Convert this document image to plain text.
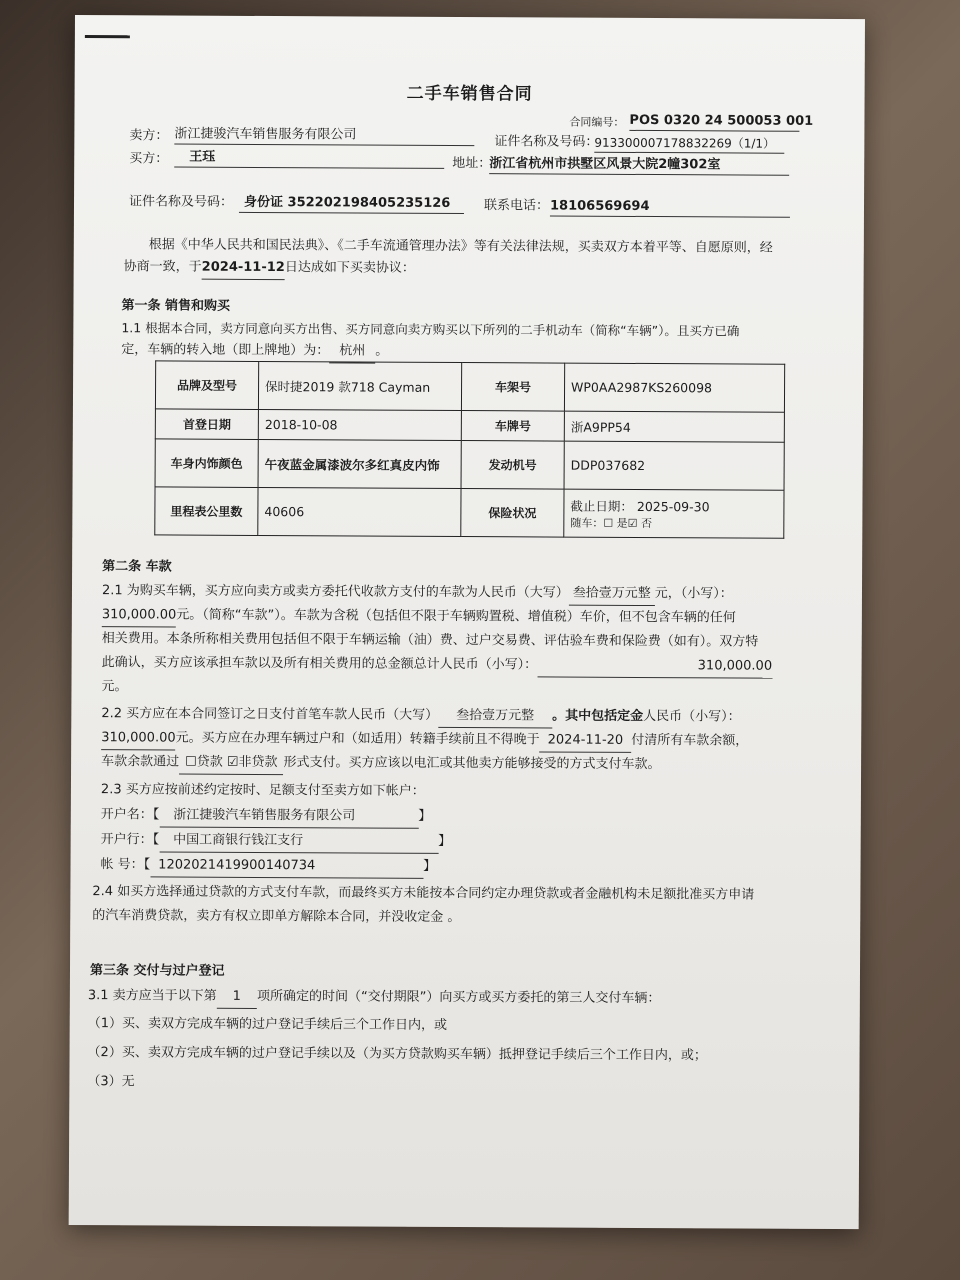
二手车销售合同
合同编号： POS 0320 24 500053 001
卖方： 浙江捷骏汽车销售服务有限公司	证件名称及号码：
913300007178832269（1/1）
买方：	王珏	地址：
浙江省杭州市拱墅区风景大院2幢302室
证件名称及号码： 身份证 352202198405235126	联系电话： 18106569694
根据《中华人民共和国民法典》、《二手车流通管理办法》等有关法律法规，买卖双方本着平等、自愿原则，经
协商一致，于2024-11-12日达成如下买卖协议：
第一条 销售和购买
1.1 根据本合同，卖方同意向买方出售、买方同意向卖方购买以下所列的二手机动车（简称“车辆”）。且买方已确
定，车辆的转入地（即上牌地）为： 杭州 。
品牌及型号	保时捷2019 款718 Cayman	车架号	WP0AA2987KS260098
首登日期	2018-10-08	车牌号	浙A9PP54
车身内饰颜色	午夜蓝金属漆波尔多红真皮内饰	发动机号	DDP037682
里程表公里数	40606	保险状况	截止日期： 2025-09-30
随车：☐ 是☑ 否
第二条 车款
2.1 为购买车辆，买方应向卖方或卖方委托代收款方支付的车款为人民币（大写） 叁拾壹万元整 元，（小写）：
310,000.00元。（简称“车款”）。车款为含税（包括但不限于车辆购置税、增值税）车价，但不包含车辆的任何
相关费用。本条所称相关费用包括但不限于车辆运输（油）费、过户交易费、评估验车费和保险费（如有）。双方特
此确认，买方应该承担车款以及所有相关费用的总金额总计人民币（小写）：	310,000.00
元。
2.2 买方应在本合同签订之日支付首笔车款人民币（大写） 叁拾壹万元整 。其中包括定金人民币（小写）：
310,000.00元。买方应在办理车辆过户和（如适用）转籍手续前且不得晚于 2024-11-20 付清所有车款余额，
车款余款通过 ☐贷款 ☑非贷款 形式支付。买方应该以电汇或其他卖方能够接受的方式支付车款。
2.3 买方应按前述约定按时、足额支付至卖方如下帐户：
开户名：【 浙江捷骏汽车销售服务有限公司	】
开户行：【 中国工商银行钱江支行	】
帐 号：【 1202021419900140734	】
2.4 如买方选择通过贷款的方式支付车款，而最终买方未能按本合同约定办理贷款或者金融机构未足额批准买方申请
的汽车消费贷款，卖方有权立即单方解除本合同，并没收定金 。
第三条 交付与过户登记
3.1 卖方应当于以下第 1 项所确定的时间（“交付期限”）向买方或买方委托的第三人交付车辆：
（1）买、卖双方完成车辆的过户登记手续后三个工作日内，或
（2）买、卖双方完成车辆的过户登记手续以及（为买方贷款购买车辆）抵押登记手续后三个工作日内，或；
（3）无
